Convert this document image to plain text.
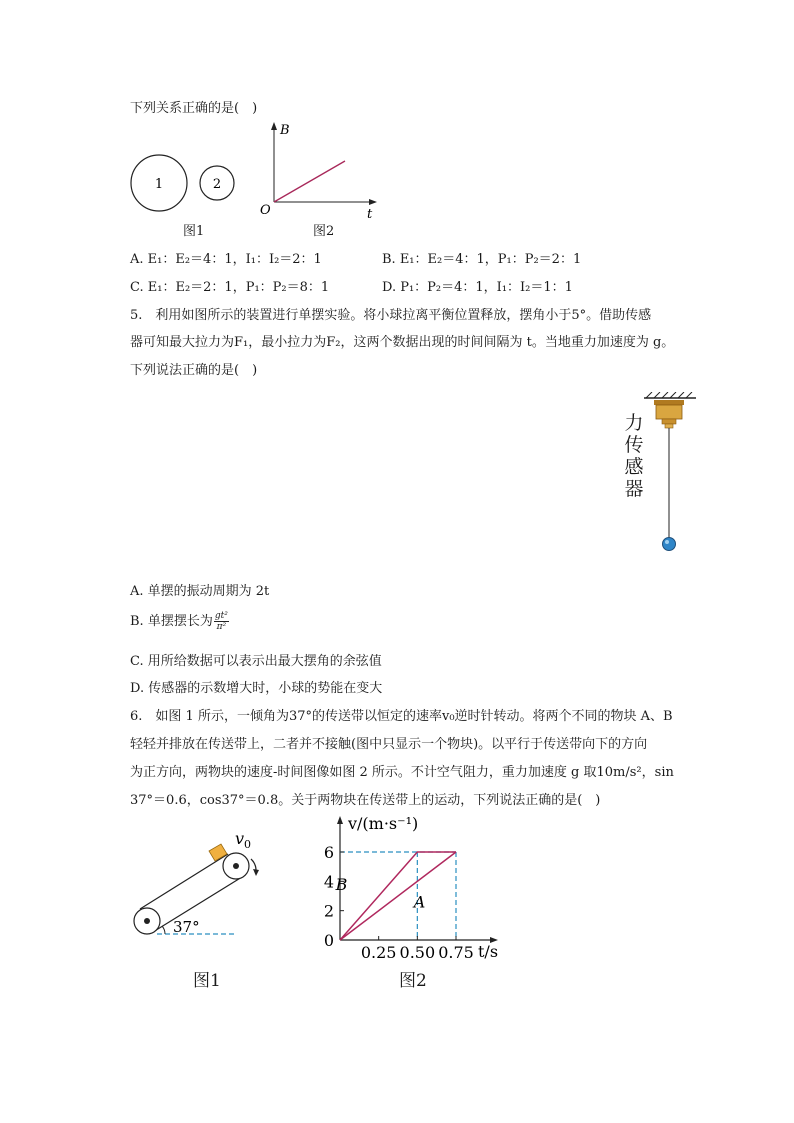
下列关系正确的是( )
1	2
图1
B
t
O
图2
A. E₁：E₂＝4：1，I₁：I₂＝2：1	B. E₁：E₂＝4：1，P₁：P₂＝2：1
C. E₁：E₂＝2：1，P₁：P₂＝8：1	D. P₁：P₂＝4：1，I₁：I₂＝1：1
5. 利用如图所示的装置进行单摆实验。将小球拉离平衡位置释放，摆角小于5°。借助传感
器可知最大拉力为F₁，最小拉力为F₂，这两个数据出现的时间间隔为 t。当地重力加速度为 g。
下列说法正确的是( )
力
传
感
器
A. 单摆的振动周期为 2t
B. 单摆摆长为 $\frac{\text{gt²}}{\text{π²}}$
C. 用所给数据可以表示出最大摆角的余弦值
D. 传感器的示数增大时，小球的势能在变大
6. 如图 1 所示，一倾角为37°的传送带以恒定的速率v₀逆时针转动。将两个不同的物块 A、B
轻轻并排放在传送带上，二者并不接触(图中只显示一个物块)。以平行于传送带向下的方向
为正方向，两物块的速度-时间图像如图 2 所示。不计空气阻力，重力加速度 g 取10m/s²，sin
37°＝0.6，cos37°＝0.8。关于两物块在传送带上的运动，下列说法正确的是( )
37°
$v_0$
图1
v/(m·s⁻¹)
t/s
0
2
4
6
0.25 0.50 0.75
B
A
图2
